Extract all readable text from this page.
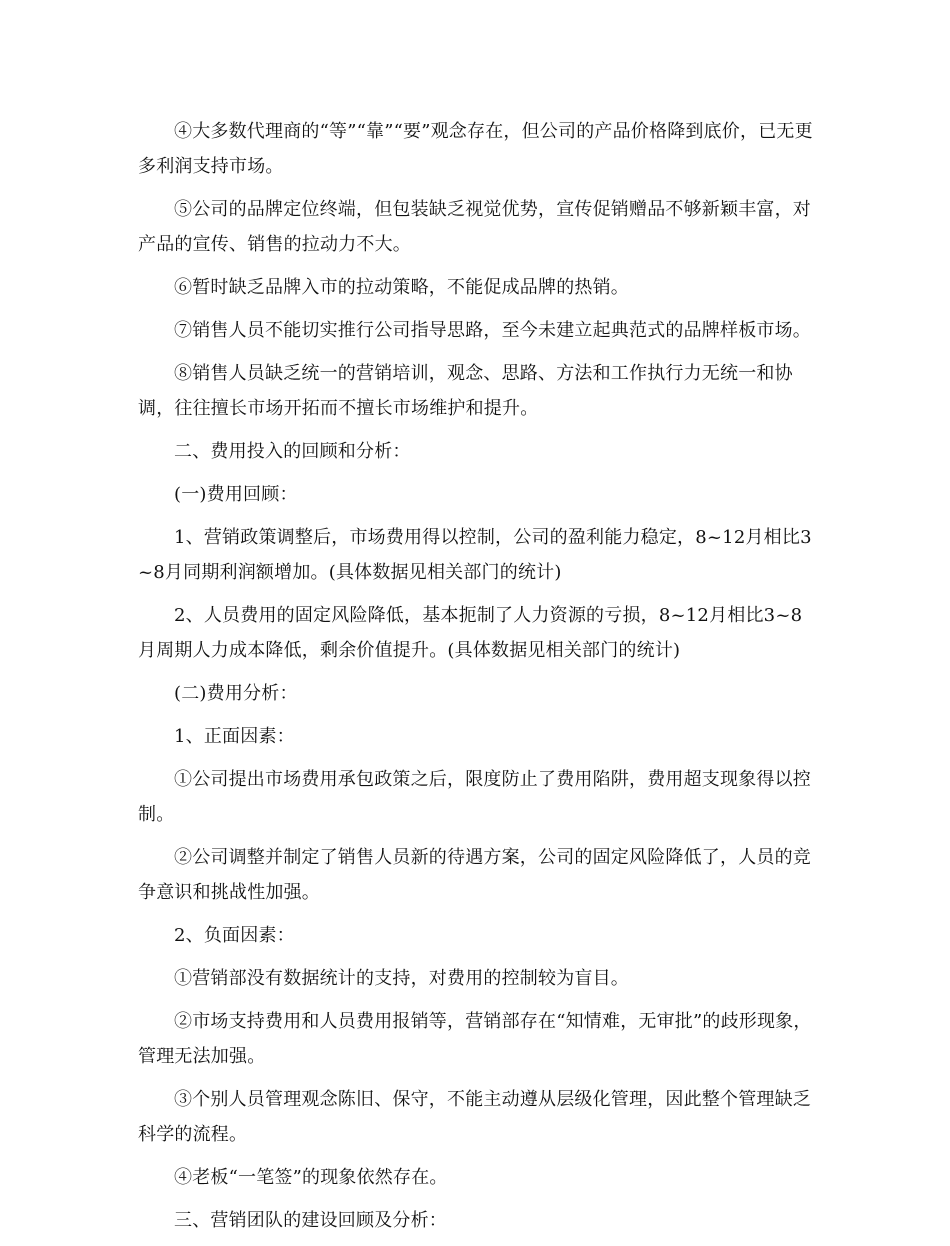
④大多数代理商的“等”“靠”“要”观念存在，但公司的产品价格降到底价，已无更多利润支持市场。

⑤公司的品牌定位终端，但包装缺乏视觉优势，宣传促销赠品不够新颖丰富，对产品的宣传、销售的拉动力不大。

⑥暂时缺乏品牌入市的拉动策略，不能促成品牌的热销。

⑦销售人员不能切实推行公司指导思路，至今未建立起典范式的品牌样板市场。

⑧销售人员缺乏统一的营销培训，观念、思路、方法和工作执行力无统一和协调，往往擅长市场开拓而不擅长市场维护和提升。

二、费用投入的回顾和分析：

(一)费用回顾：

1、营销政策调整后，市场费用得以控制，公司的盈利能力稳定，8~12月相比3~8月同期利润额增加。(具体数据见相关部门的统计)

2、人员费用的固定风险降低，基本扼制了人力资源的亏损，8~12月相比3~8月周期人力成本降低，剩余价值提升。(具体数据见相关部门的统计)

(二)费用分析：

1、正面因素：

①公司提出市场费用承包政策之后，限度防止了费用陷阱，费用超支现象得以控制。

②公司调整并制定了销售人员新的待遇方案，公司的固定风险降低了，人员的竞争意识和挑战性加强。

2、负面因素：

①营销部没有数据统计的支持，对费用的控制较为盲目。

②市场支持费用和人员费用报销等，营销部存在“知情难，无审批”的歧形现象，管理无法加强。

③个别人员管理观念陈旧、保守，不能主动遵从层级化管理，因此整个管理缺乏科学的流程。

④老板“一笔签”的现象依然存在。

三、营销团队的建设回顾及分析：
